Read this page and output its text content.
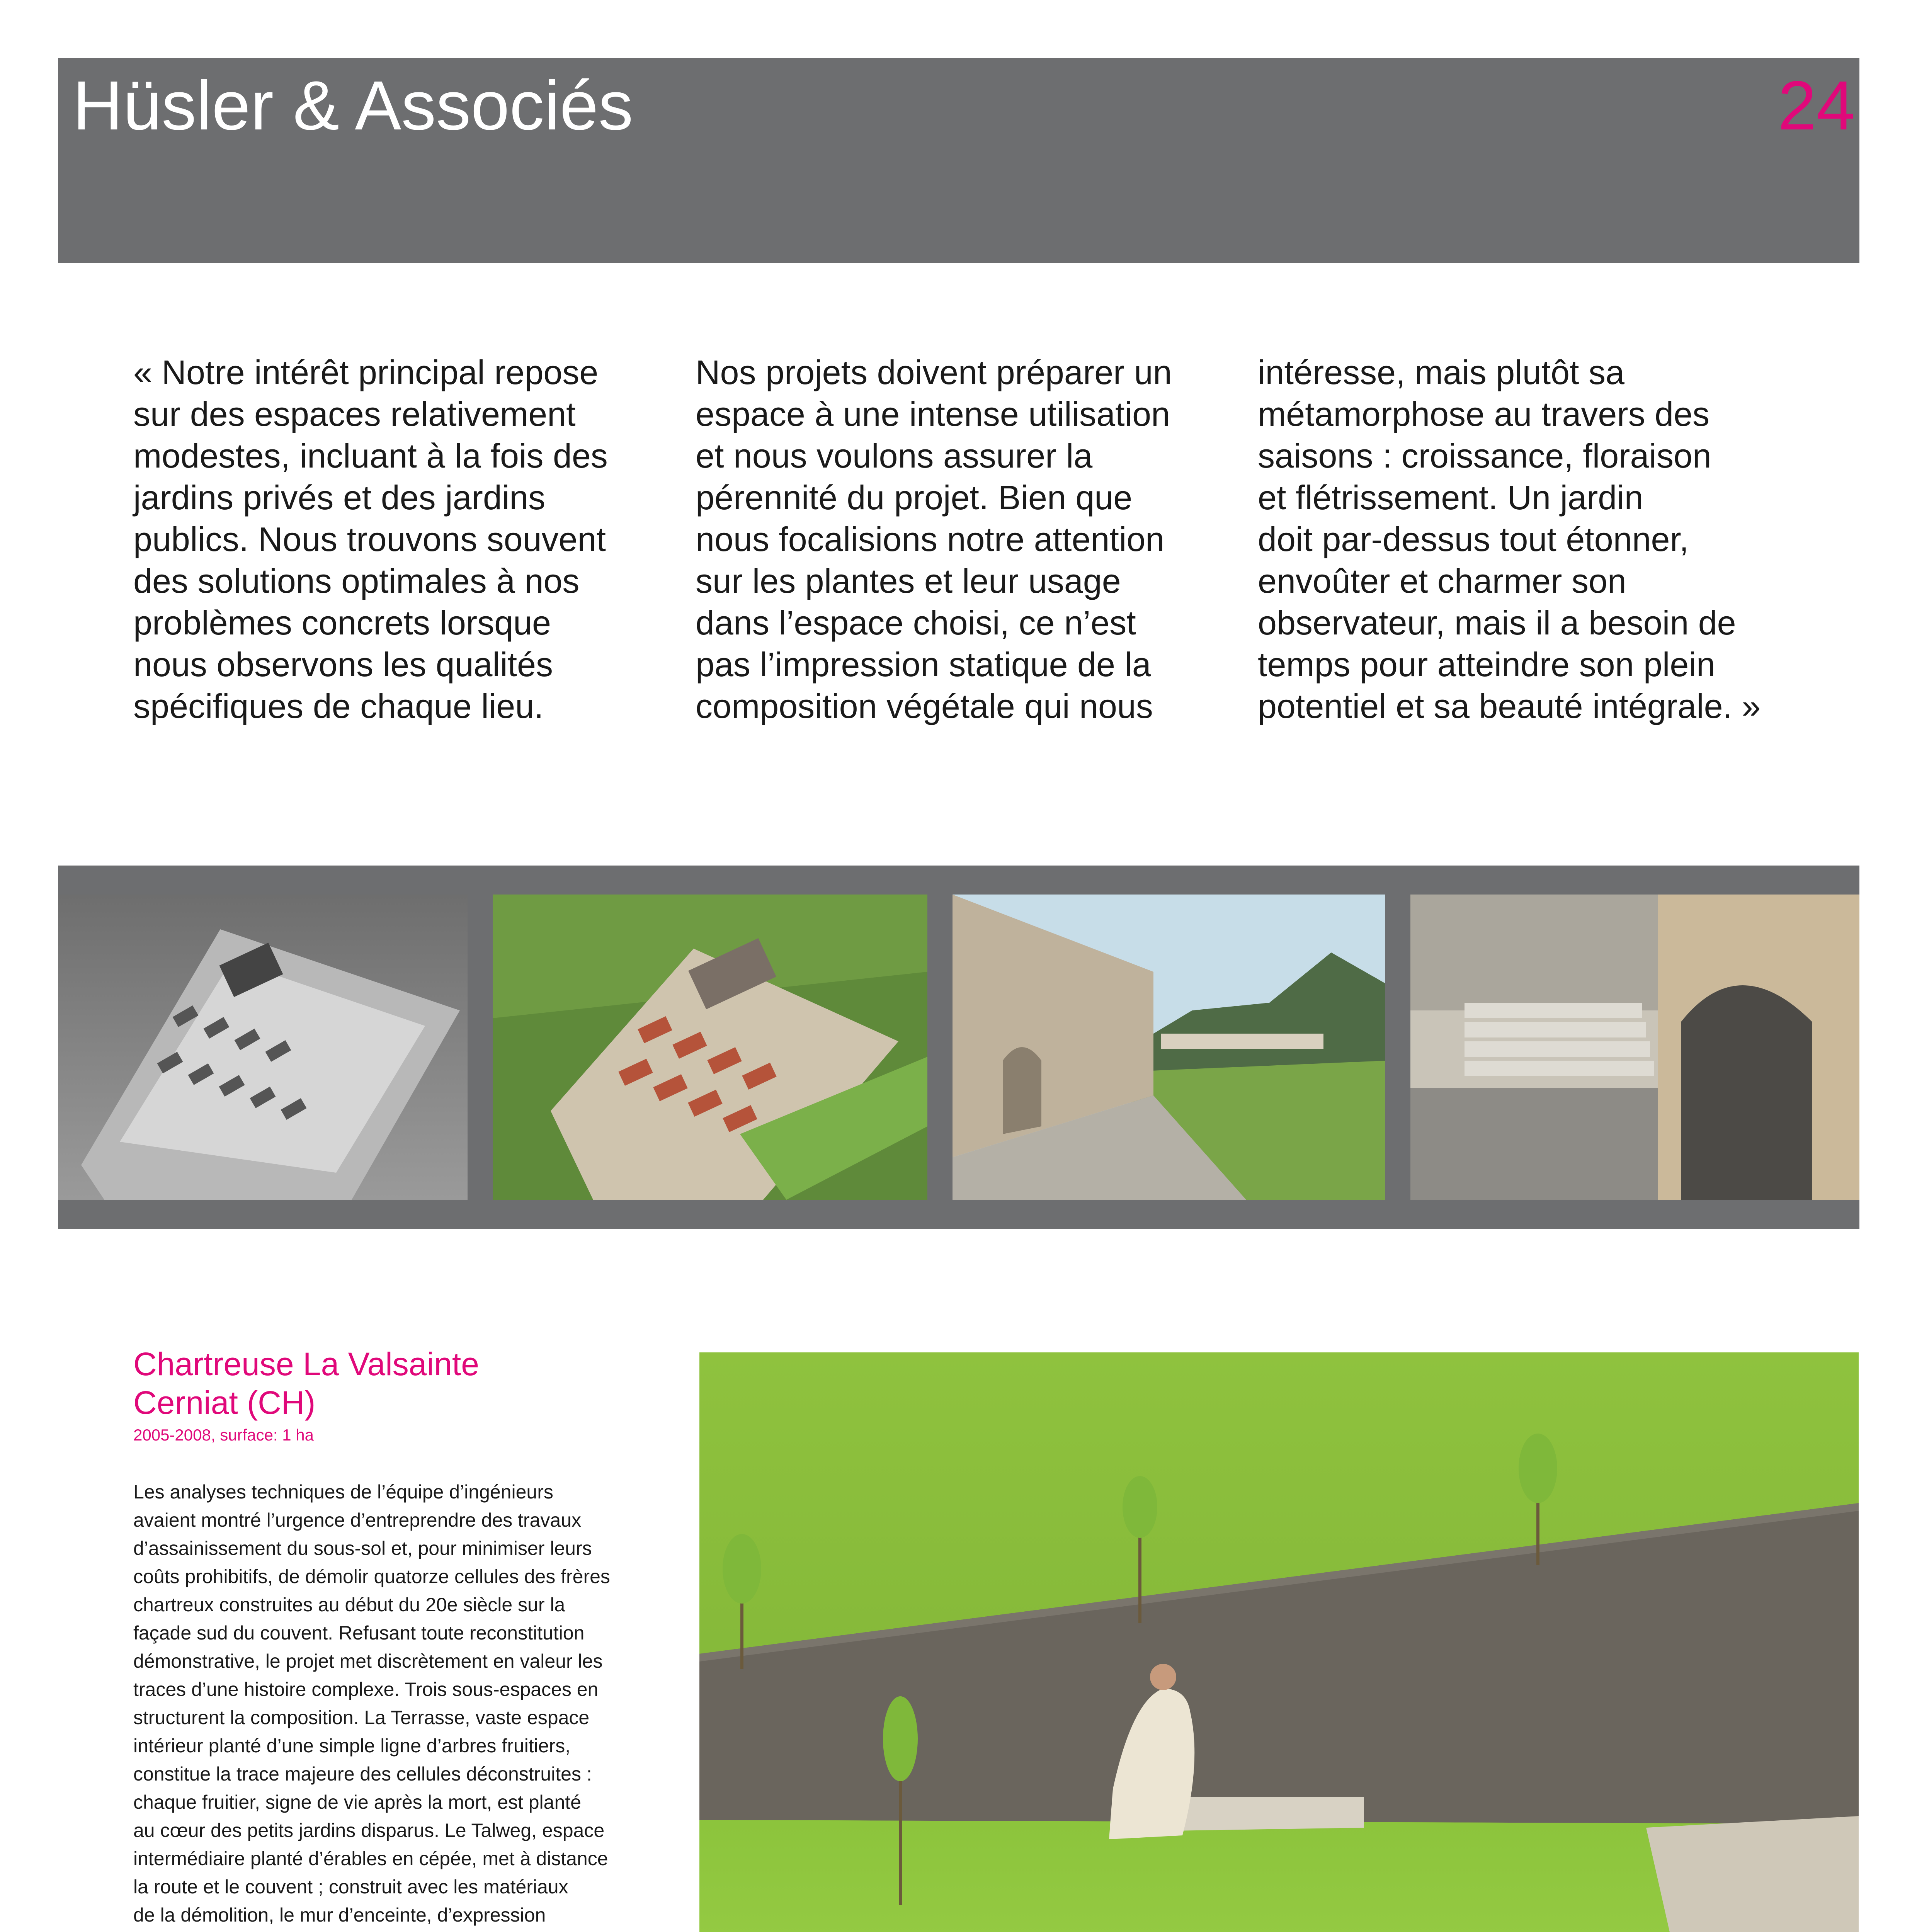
Hüsler & Associés	24
« Notre intérêt principal repose
sur des espaces relativement
modestes, incluant à la fois des
jardins privés et des jardins
publics. Nous trouvons souvent
des solutions optimales à nos
problèmes concrets lorsque
nous observons les qualités
spécifiques de chaque lieu.
Nos projets doivent préparer un
espace à une intense utilisation
et nous voulons assurer la
pérennité du projet. Bien que
nous focalisions notre attention
sur les plantes et leur usage
dans l’espace choisi, ce n’est
pas l’impression statique de la
composition végétale qui nous
intéresse, mais plutôt sa
métamorphose au travers des
saisons : croissance, floraison
et flétrissement. Un jardin
doit par-dessus tout étonner,
envoûter et charmer son
observateur, mais il a besoin de
temps pour atteindre son plein
potentiel et sa beauté intégrale. »
Chartreuse La Valsainte
Cerniat (CH)
2005-2008, surface: 1 ha
Les analyses techniques de l’équipe d’ingénieurs
avaient montré l’urgence d’entreprendre des travaux
d’assainissement du sous-sol et, pour minimiser leurs
coûts prohibitifs, de démolir quatorze cellules des frères
chartreux construites au début du 20e siècle sur la
façade sud du couvent. Refusant toute reconstitution
démonstrative, le projet met discrètement en valeur les
traces d’une histoire complexe. Trois sous-espaces en
structurent la composition. La Terrasse, vaste espace
intérieur planté d’une simple ligne d’arbres fruitiers,
constitue la trace majeure des cellules déconstruites :
chaque fruitier, signe de vie après la mort, est planté
au cœur des petits jardins disparus. Le Talweg, espace
intermédiaire planté d’érables en cépée, met à distance
la route et le couvent ; construit avec les matériaux
de la démolition, le mur d’enceinte, d’expression
